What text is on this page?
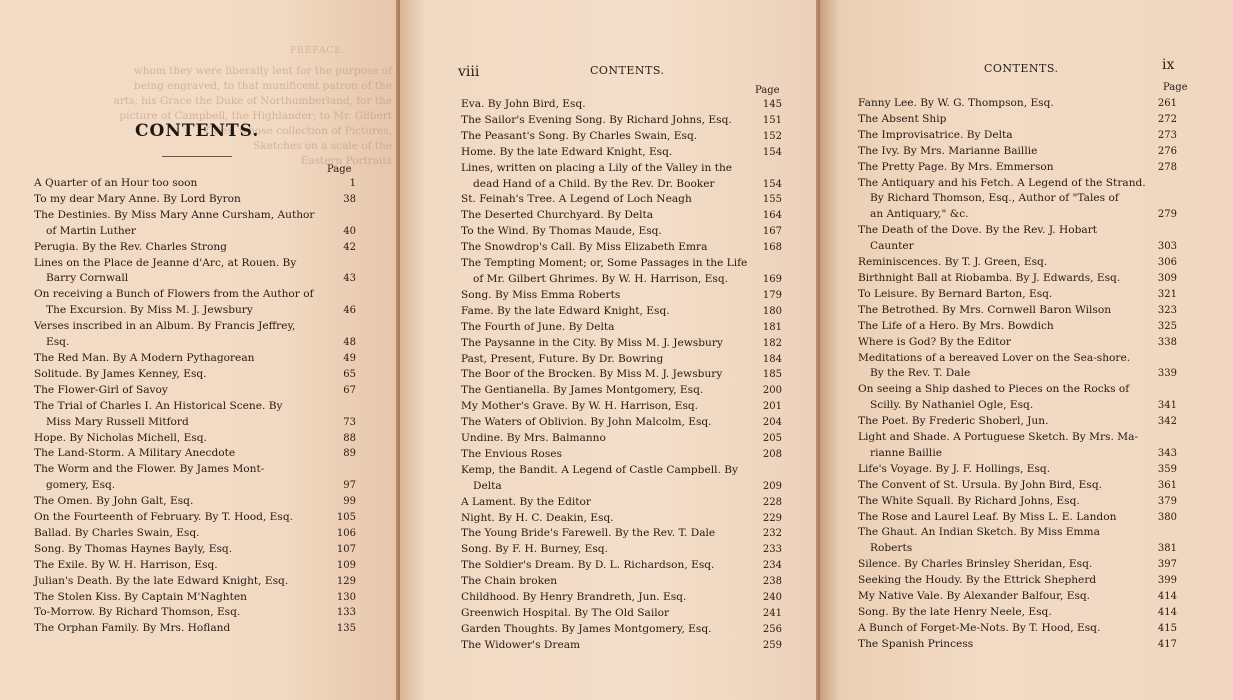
PREFACE.
whom they were liberally lent for the purpose of
being engraved, to that munificent patron of the
arts, his Grace the Duke of Northumberland, for the
picture of Campbell, the Highlander; to Mr. Gilbert
Giles, whose collection of Pictures,
Sketches on a scale of the
Eastern Portraits
CONTENTS.
Page
A Quarter of an Hour too soon	1
To my dear Mary Anne. By Lord Byron	38
The Destinies. By Miss Mary Anne Cursham, Author
of Martin Luther	40
Perugia. By the Rev. Charles Strong	42
Lines on the Place de Jeanne d'Arc, at Rouen. By
Barry Cornwall	43
On receiving a Bunch of Flowers from the Author of
The Excursion. By Miss M. J. Jewsbury	46
Verses inscribed in an Album. By Francis Jeffrey,
Esq.	48
The Red Man. By A Modern Pythagorean	49
Solitude. By James Kenney, Esq.	65
The Flower-Girl of Savoy	67
The Trial of Charles I. An Historical Scene. By
Miss Mary Russell Mitford	73
Hope. By Nicholas Michell, Esq.	88
The Land-Storm. A Military Anecdote	89
The Worm and the Flower. By James Mont-
gomery, Esq.	97
The Omen. By John Galt, Esq.	99
On the Fourteenth of February. By T. Hood, Esq.	105
Ballad. By Charles Swain, Esq.	106
Song. By Thomas Haynes Bayly, Esq.	107
The Exile. By W. H. Harrison, Esq.	109
Julian's Death. By the late Edward Knight, Esq.	129
The Stolen Kiss. By Captain M'Naghten	130
To-Morrow. By Richard Thomson, Esq.	133
The Orphan Family. By Mrs. Hofland	135
viii	CONTENTS.
Page
Eva. By John Bird, Esq.	145
The Sailor's Evening Song. By Richard Johns, Esq.	151
The Peasant's Song. By Charles Swain, Esq.	152
Home. By the late Edward Knight, Esq.	154
Lines, written on placing a Lily of the Valley in the
dead Hand of a Child. By the Rev. Dr. Booker	154
St. Feinah's Tree. A Legend of Loch Neagh	155
The Deserted Churchyard. By Delta	164
To the Wind. By Thomas Maude, Esq.	167
The Snowdrop's Call. By Miss Elizabeth Emra	168
The Tempting Moment; or, Some Passages in the Life
of Mr. Gilbert Ghrimes. By W. H. Harrison, Esq.	169
Song. By Miss Emma Roberts	179
Fame. By the late Edward Knight, Esq.	180
The Fourth of June. By Delta	181
The Paysanne in the City. By Miss M. J. Jewsbury	182
Past, Present, Future. By Dr. Bowring	184
The Boor of the Brocken. By Miss M. J. Jewsbury	185
The Gentianella. By James Montgomery, Esq.	200
My Mother's Grave. By W. H. Harrison, Esq.	201
The Waters of Oblivion. By John Malcolm, Esq.	204
Undine. By Mrs. Balmanno	205
The Envious Roses	208
Kemp, the Bandit. A Legend of Castle Campbell. By
Delta	209
A Lament. By the Editor	228
Night. By H. C. Deakin, Esq.	229
The Young Bride's Farewell. By the Rev. T. Dale	232
Song. By F. H. Burney, Esq.	233
The Soldier's Dream. By D. L. Richardson, Esq.	234
The Chain broken	238
Childhood. By Henry Brandreth, Jun. Esq.	240
Greenwich Hospital. By The Old Sailor	241
Garden Thoughts. By James Montgomery, Esq.	256
The Widower's Dream	259
CONTENTS.	ix
Page
Fanny Lee. By W. G. Thompson, Esq.	261
The Absent Ship	272
The Improvisatrice. By Delta	273
The Ivy. By Mrs. Marianne Baillie	276
The Pretty Page. By Mrs. Emmerson	278
The Antiquary and his Fetch. A Legend of the Strand.
By Richard Thomson, Esq., Author of "Tales of
an Antiquary," &c.	279
The Death of the Dove. By the Rev. J. Hobart
Caunter	303
Reminiscences. By T. J. Green, Esq.	306
Birthnight Ball at Riobamba. By J. Edwards, Esq.	309
To Leisure. By Bernard Barton, Esq.	321
The Betrothed. By Mrs. Cornwell Baron Wilson	323
The Life of a Hero. By Mrs. Bowdich	325
Where is God? By the Editor	338
Meditations of a bereaved Lover on the Sea-shore.
By the Rev. T. Dale	339
On seeing a Ship dashed to Pieces on the Rocks of
Scilly. By Nathaniel Ogle, Esq.	341
The Poet. By Frederic Shoberl, Jun.	342
Light and Shade. A Portuguese Sketch. By Mrs. Ma-
rianne Baillie	343
Life's Voyage. By J. F. Hollings, Esq.	359
The Convent of St. Ursula. By John Bird, Esq.	361
The White Squall. By Richard Johns, Esq.	379
The Rose and Laurel Leaf. By Miss L. E. Landon	380
The Ghaut. An Indian Sketch. By Miss Emma
Roberts	381
Silence. By Charles Brinsley Sheridan, Esq.	397
Seeking the Houdy. By the Ettrick Shepherd	399
My Native Vale. By Alexander Balfour, Esq.	414
Song. By the late Henry Neele, Esq.	414
A Bunch of Forget-Me-Nots. By T. Hood, Esq.	415
The Spanish Princess	417
